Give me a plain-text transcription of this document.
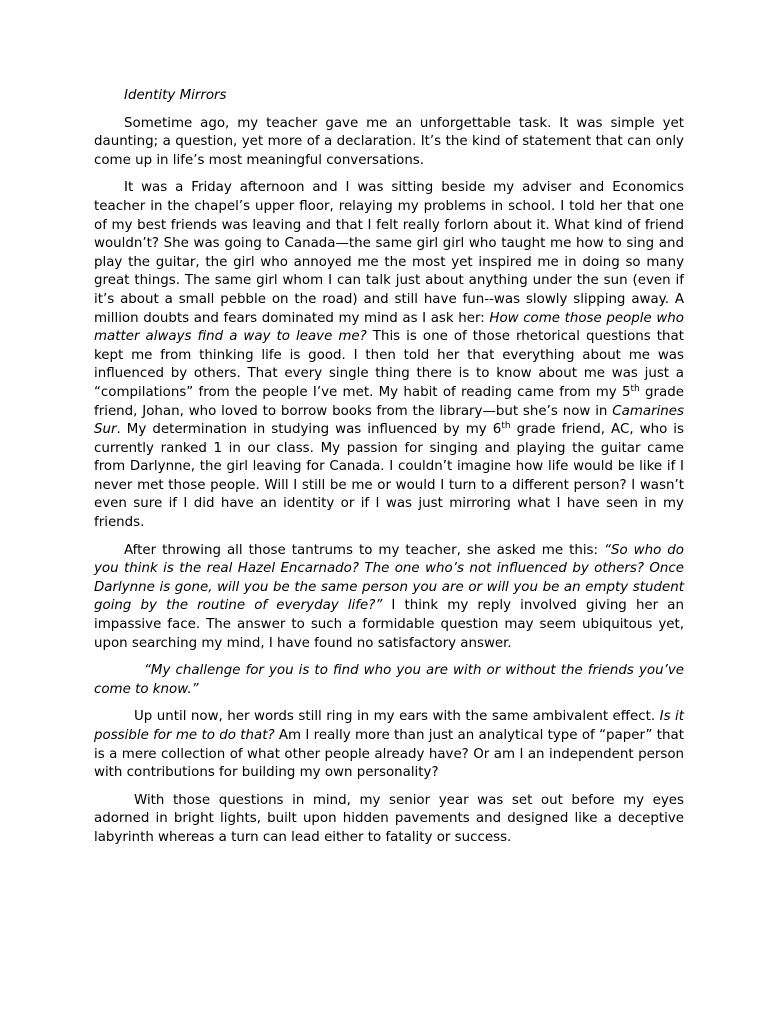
Identity Mirrors

Sometime ago, my teacher gave me an unforgettable task. It was simple yet daunting; a question, yet more of a declaration. It’s the kind of statement that can only come up in life’s most meaningful conversations.

It was a Friday afternoon and I was sitting beside my adviser and Economics teacher in the chapel’s upper floor, relaying my problems in school. I told her that one of my best friends was leaving and that I felt really forlorn about it. What kind of friend wouldn’t? She was going to Canada—the same girl girl who taught me how to sing and play the guitar, the girl who annoyed me the most yet inspired me in doing so many great things. The same girl whom I can talk just about anything under the sun (even if it’s about a small pebble on the road) and still have fun--was slowly slipping away. A million doubts and fears dominated my mind as I ask her: How come those people who matter always find a way to leave me? This is one of those rhetorical questions that kept me from thinking life is good. I then told her that everything about me was influenced by others. That every single thing there is to know about me was just a “compilations” from the people I’ve met. My habit of reading came from my 5th grade friend, Johan, who loved to borrow books from the library—but she’s now in Camarines Sur. My determination in studying was influenced by my 6th grade friend, AC, who is currently ranked 1 in our class. My passion for singing and playing the guitar came from Darlynne, the girl leaving for Canada. I couldn’t imagine how life would be like if I never met those people. Will I still be me or would I turn to a different person? I wasn’t even sure if I did have an identity or if I was just mirroring what I have seen in my friends.

After throwing all those tantrums to my teacher, she asked me this: “So who do you think is the real Hazel Encarnado? The one who’s not influenced by others? Once Darlynne is gone, will you be the same person you are or will you be an empty student going by the routine of everyday life?” I think my reply involved giving her an impassive face. The answer to such a formidable question may seem ubiquitous yet, upon searching my mind, I have found no satisfactory answer.

“My challenge for you is to find who you are with or without the friends you’ve come to know.”

Up until now, her words still ring in my ears with the same ambivalent effect. Is it possible for me to do that? Am I really more than just an analytical type of “paper” that is a mere collection of what other people already have? Or am I an independent person with contributions for building my own personality?

With those questions in mind, my senior year was set out before my eyes adorned in bright lights, built upon hidden pavements and designed like a deceptive labyrinth whereas a turn can lead either to fatality or success.
